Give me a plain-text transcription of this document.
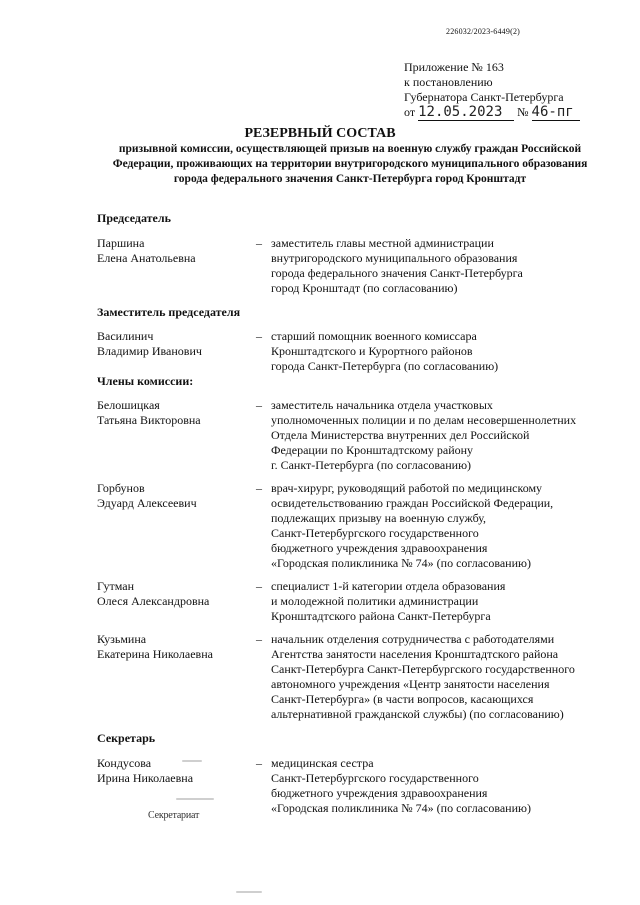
226032/2023-6449(2)
Приложение № 163
к постановлению
Губернатора Санкт-Петербурга
от 12.05.2023 № 46-пг
РЕЗЕРВНЫЙ СОСТАВ
призывной комиссии, осуществляющей призыв на военную службу граждан Российской Федерации, проживающих на территории внутригородского муниципального образования города федерального значения Санкт-Петербурга город Кронштадт
Председатель
Паршина
Елена Анатольевна
– заместитель главы местной администрации
внутригородского муниципального образования
города федерального значения Санкт-Петербурга
город Кронштадт (по согласованию)
Заместитель председателя
Василинич
Владимир Иванович
– старший помощник военного комиссара
Кронштадтского и Курортного районов
города Санкт-Петербурга (по согласованию)
Члены комиссии:
Белошицкая
Татьяна Викторовна
– заместитель начальника отдела участковых
уполномоченных полиции и по делам несовершеннолетних
Отдела Министерства внутренних дел Российской
Федерации по Кронштадтскому району
г. Санкт-Петербурга (по согласованию)
Горбунов
Эдуард Алексеевич
– врач-хирург, руководящий работой по медицинскому
освидетельствованию граждан Российской Федерации,
подлежащих призыву на военную службу,
Санкт-Петербургского государственного
бюджетного учреждения здравоохранения
«Городская поликлиника № 74» (по согласованию)
Гутман
Олеся Александровна
– специалист 1-й категории отдела образования
и молодежной политики администрации
Кронштадтского района Санкт-Петербурга
Кузьмина
Екатерина Николаевна
– начальник отделения сотрудничества с работодателями
Агентства занятости населения Кронштадтского района
Санкт-Петербурга Санкт-Петербургского государственного
автономного учреждения «Центр занятости населения
Санкт-Петербурга» (в части вопросов, касающихся
альтернативной гражданской службы) (по согласованию)
Секретарь
Кондусова
Ирина Николаевна
– медицинская сестра
Санкт-Петербургского государственного
бюджетного учреждения здравоохранения
«Городская поликлиника № 74» (по согласованию)
Секретариат
